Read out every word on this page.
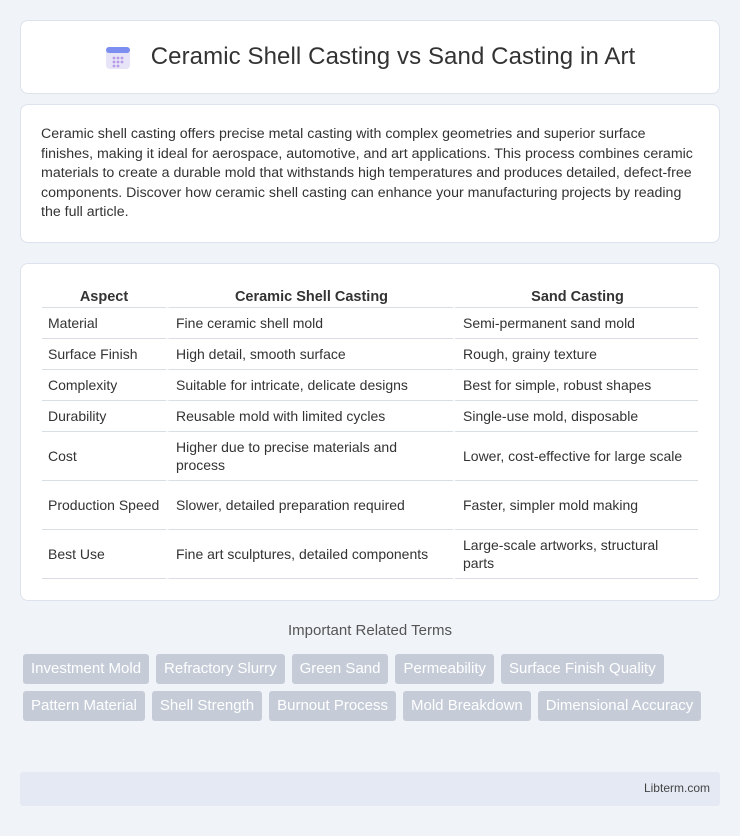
Ceramic Shell Casting vs Sand Casting in Art

Ceramic shell casting offers precise metal casting with complex geometries and superior surface finishes, making it ideal for aerospace, automotive, and art applications. This process combines ceramic materials to create a durable mold that withstands high temperatures and produces detailed, defect-free components. Discover how ceramic shell casting can enhance your manufacturing projects by reading the full article.

Aspect	Ceramic Shell Casting	Sand Casting
Material	Fine ceramic shell mold	Semi-permanent sand mold
Surface Finish	High detail, smooth surface	Rough, grainy texture
Complexity	Suitable for intricate, delicate designs	Best for simple, robust shapes
Durability	Reusable mold with limited cycles	Single-use mold, disposable
Cost	Higher due to precise materials and process	Lower, cost-effective for large scale
Production Speed	Slower, detailed preparation required	Faster, simpler mold making
Best Use	Fine art sculptures, detailed components	Large-scale artworks, structural parts
Important Related Terms
Investment Mold	Refractory Slurry	Green Sand	Permeability	Surface Finish Quality
Pattern Material	Shell Strength	Burnout Process	Mold Breakdown	Dimensional Accuracy
Libterm.com
